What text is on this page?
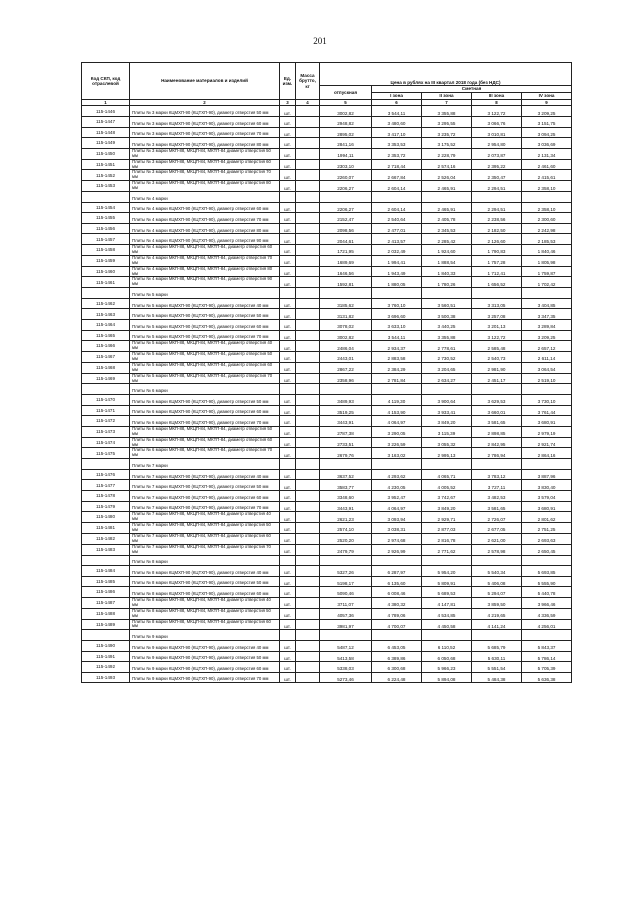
201
Код СКП, код отраслевой	Наименование материалов и изделий	Ед. изм.	Масса брутто, кг	Цена в рублях на III квартал 2018 года (без НДС)				
				отпускная	Сметная			
					I зона	II зона	III зона	IV зона
1	2	3	4	5	6	7	8	9
115-1446	Плиты № 3 марки КЦМХП-90 (КЦТХП-90), диаметр отверстия 50 мм	шт.		3002,82	3 544,11	3 355,88	3 122,72	3 209,25
115-1447	Плиты № 3 марки КЦМХП-90 (КЦТХП-90), диаметр отверстия 60 мм	шт.		2948,82	3 480,60	3 295,55	3 066,76	3 151,75
115-1448	Плиты № 3 марки КЦМХП-90 (КЦТХП-90), диаметр отверстия 70 мм	шт.		2895,02	3 417,10	3 235,72	3 010,81	3 094,25
115-1449	Плиты № 3 марки КЦМХП-90 (КЦТХП-90), диаметр отверстия 80 мм	шт.		2841,16	3 353,53	3 175,52	2 954,80	3 036,69
115-1450	Плиты № 3 марки МКП-88, МКЦП-84, МКТП-84 диаметр отверстия 50 мм	шт.		1994,11	2 353,72	2 228,79	2 073,87	2 131,34
115-1451	Плиты № 3 марки МКП-88, МКЦП-84, МКТП-84 диаметр отверстия 60 мм	шт.		2303,10	2 718,44	2 574,16	2 395,22	2 461,60
115-1452	Плиты № 3 марки МКП-88, МКЦП-84, МКТП-84 диаметр отверстия 70 мм	шт.		2260,07	2 667,84	2 526,04	2 350,47	2 415,61
115-1453	Плиты № 3 марки МКП-88, МКЦП-84, МКТП-84 диаметр отверстия 80 мм	шт.		2206,27	2 604,14	2 465,91	2 294,51	2 358,10
	Плиты № 4 марки							
115-1454	Плиты № 4 марки КЦМХП-90 (КЦТХП-90), диаметр отверстия 60 мм	шт.		2206,27	2 604,14	2 465,91	2 294,51	2 358,10
115-1455	Плиты № 4 марки КЦМХП-90 (КЦТХП-90), диаметр отверстия 70 мм	шт.		2152,47	2 540,64	2 405,78	2 238,56	2 300,60
115-1456	Плиты № 4 марки КЦМХП-90 (КЦТХП-90), диаметр отверстия 80 мм	шт.		2098,56	2 477,01	2 345,53	2 182,50	2 242,98
115-1457	Плиты № 4 марки КЦМХП-90 (КЦТХП-90), диаметр отверстия 90 мм	шт.		2044,61	2 413,57	2 285,42	2 126,60	2 185,53
115-1458	Плиты № 4 марки МКП-88, МКЦП-84, МКТП-84, диаметр отверстия 60 мм	шт.		1721,95	2 032,49	1 924,60	1 790,83	1 840,46
115-1459	Плиты № 4 марки МКП-88, МКЦП-84, МКТП-84, диаметр отверстия 70 мм	шт.		1689,69	1 994,41	1 888,54	1 757,28	1 805,98
115-1460	Плиты № 4 марки МКП-88, МКЦП-84, МКТП-84, диаметр отверстия 80 мм	шт.		1646,56	1 943,49	1 840,33	1 712,41	1 759,87
115-1461	Плиты № 4 марки МКП-88, МКЦП-84, МКТП-84, диаметр отверстия 90 мм	шт.		1592,81	1 880,05	1 780,26	1 656,52	1 702,42
	Плиты № 5 марки							
115-1462	Плиты № 5 марки КЦМХП-90 (КЦТХП-90), диаметр отверстия 40 мм	шт.		3185,62	3 760,10	3 560,51	3 313,05	3 404,85
115-1463	Плиты № 5 марки КЦМХП-90 (КЦТХП-90), диаметр отверстия 50 мм	шт.		3131,82	3 696,60	3 500,38	3 257,08	3 347,35
115-1464	Плиты № 5 марки КЦМХП-90 (КЦТХП-90), диаметр отверстия 60 мм	шт.		3078,02	3 633,10	3 440,25	3 201,13	3 289,84
115-1465	Плиты № 5 марки КЦМХП-90 (КЦТХП-90), диаметр отверстия 70 мм	шт.		3002,82	3 544,11	3 355,88	3 122,72	3 209,25
115-1466	Плиты № 5 марки МКП-88, МКЦП-84, МКТП-84, диаметр отверстия 40 мм	шт.		2486,04	2 934,37	2 778,61	2 585,48	2 657,12
115-1467	Плиты № 5 марки МКП-88, МКЦП-84, МКТП-84, диаметр отверстия 50 мм	шт.		2443,01	2 883,58	2 730,52	2 540,73	2 611,14
115-1468	Плиты № 5 марки МКП-88, МКЦП-84, МКТП-84, диаметр отверстия 60 мм	шт.		2867,22	2 384,29	3 204,65	2 981,90	3 064,54
115-1469	Плиты № 5 марки МКП-88, МКЦП-84, МКТП-84, диаметр отверстия 70 мм	шт.		2358,96	2 781,84	2 634,27	2 451,17	2 519,10
	Плиты № 6 марки							
115-1470	Плиты № 6 марки КЦМХП-90 (КЦТХП-90), диаметр отверстия 50 мм	шт.		3489,93	4 119,30	3 900,64	3 629,53	3 730,10
115-1471	Плиты № 6 марки КЦМХП-90 (КЦТХП-90), диаметр отверстия 60 мм	шт.		3519,25	4 153,90	3 933,41	3 660,01	3 761,44
115-1472	Плиты № 6 марки КЦМХП-90 (КЦТХП-90), диаметр отверстия 70 мм	шт.		3443,91	4 064,97	3 849,20	3 581,65	3 680,91
115-1473	Плиты № 6 марки МКП-88, МКЦП-84, МКТП-84, диаметр отверстия 50 мм	шт.		2787,38	3 290,05	3 115,39	2 898,85	2 979,19
115-1474	Плиты № 6 марки МКП-88, МКЦП-84, МКТП-84, диаметр отверстия 60 мм	шт.		2733,51	3 226,59	3 055,32	2 842,95	2 921,74
115-1475	Плиты № 6 марки МКП-88, МКЦП-84, МКТП-84, диаметр отверстия 70 мм	шт.		2679,76	3 163,02	2 995,13	2 786,94	2 864,16
	Плиты № 7 марки							
115-1476	Плиты № 7 марки КЦМХП-90 (КЦТХП-90), диаметр отверстия 40 мм	шт.		3637,52	4 293,62	4 065,71	3 783,12	3 887,96
115-1477	Плиты № 7 марки КЦМХП-90 (КЦТХП-90), диаметр отверстия 50 мм	шт.		3583,77	4 230,05	4 005,52	3 727,11	3 830,40
115-1478	Плиты № 7 марки КЦМХП-90 (КЦТХП-90), диаметр отверстия 60 мм	шт.		3348,60	3 952,47	3 742,67	3 482,53	3 579,04
115-1479	Плиты № 7 марки КЦМХП-90 (КЦТХП-90), диаметр отверстия 70 мм	шт.		3443,91	4 064,97	3 849,20	3 581,65	3 680,91
115-1480	Плиты № 7 марки МКП-88, МКЦП-84, МКТП-84 диаметр отверстия 40 мм	шт.		2621,23	3 093,94	2 929,71	2 726,07	2 801,62
115-1481	Плиты № 7 марки МКП-88, МКЦП-84, МКТП-84 диаметр отверстия 50 мм	шт.		2574,10	3 038,31	2 877,03	2 677,05	2 751,25
115-1482	Плиты № 7 марки МКП-88, МКЦП-84, МКТП-84 диаметр отверстия 60 мм	шт.		2520,20	2 974,68	2 816,78	2 621,00	2 693,63
115-1483	Плиты № 7 марки МКП-88, МКЦП-84, МКТП-84 диаметр отверстия 70 мм	шт.		2479,79	2 926,99	2 771,62	2 578,98	2 650,45
	Плиты № 8 марки							
115-1484	Плиты № 8 марки КЦМХП-90 (КЦТХП-90), диаметр отверстия 40 мм	шт.		5327,26	6 287,97	5 954,20	5 540,34	5 693,85
115-1485	Плиты № 8 марки КЦМХП-90 (КЦТХП-90), диаметр отверстия 50 мм	шт.		5198,17	6 135,60	5 809,91	5 406,08	5 555,90
115-1486	Плиты № 8 марки КЦМХП-90 (КЦТХП-90), диаметр отверстия 60 мм	шт.		5090,46	6 008,46	5 689,53	5 294,07	5 440,78
115-1487	Плиты № 8 марки МКП-88, МКЦП-84, МКТП-84 диаметр отверстия 40 мм	шт.		3711,07	4 380,32	4 147,81	3 859,50	3 966,46
115-1488	Плиты № 8 марки МКП-88, МКЦП-84, МКТП-84 диаметр отверстия 50 мм	шт.		4057,36	4 789,06	4 534,85	4 219,65	4 336,59
115-1489	Плиты № 8 марки МКП-88, МКЦП-84, МКТП-84 диаметр отверстия 60 мм	шт.		3981,97	4 700,07	4 450,58	4 141,24	4 256,01
	Плиты № 9 марки							
115-1490	Плиты № 9 марки КЦМХП-90 (КЦТХП-90), диаметр отверстия 40 мм	шт.		5487,12	6 453,05	6 110,52	5 685,79	5 843,37
115-1491	Плиты № 9 марки КЦМХП-90 (КЦТХП-90), диаметр отверстия 50 мм	шт.		5413,58	6 389,86	6 050,68	5 630,11	5 786,14
115-1492	Плиты № 9 марки КЦМХП-90 (КЦТХП-90), диаметр отверстия 60 мм	шт.		5338,03	6 300,68	5 966,23	5 551,54	5 705,39
115-1493	Плиты № 9 марки КЦМХП-90 (КЦТХП-90), диаметр отверстия 70 мм	шт.		5273,46	6 224,48	5 894,08	5 484,38	5 636,38
